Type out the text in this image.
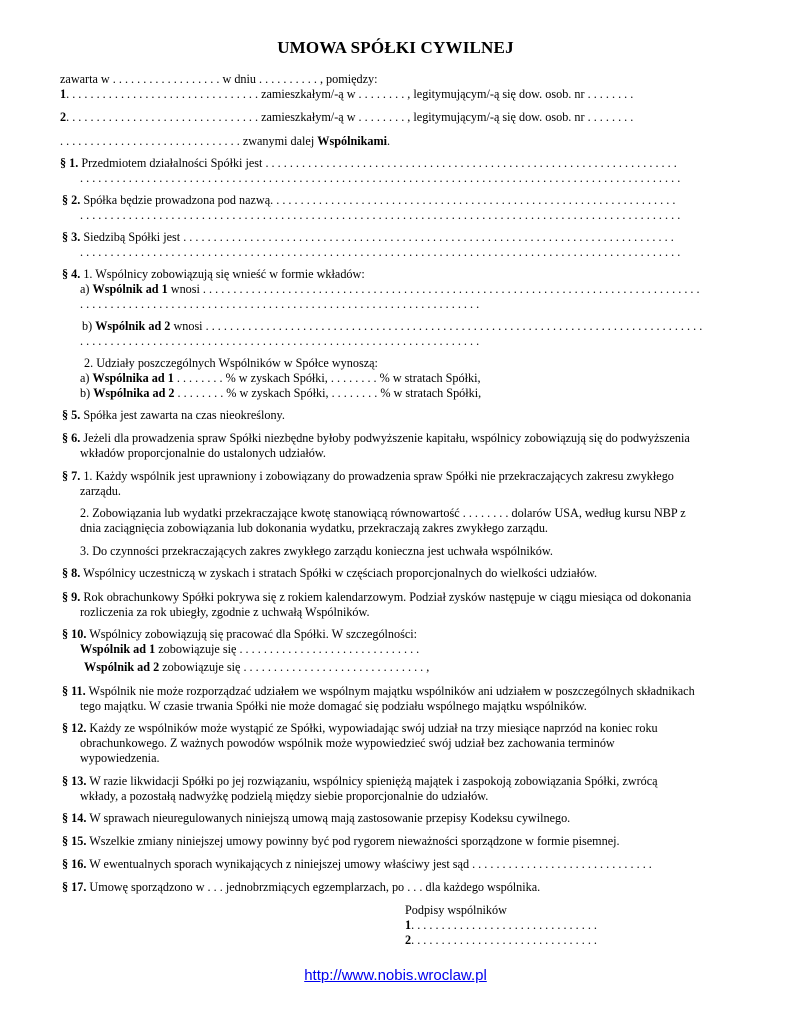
UMOWA SPÓŁKI CYWILNEJ
zawarta w . . . . . . . . . . . . . . . . . . w dniu . . . . . . . . . . , pomiędzy:
1. . . . . . . . . . . . . . . . . . . . . . . . . . . . . . . . zamieszkałym/-ą w . . . . . . . . , legitymującym/-ą się dow. osob. nr . . . . . . . .
2. . . . . . . . . . . . . . . . . . . . . . . . . . . . . . . . zamieszkałym/-ą w . . . . . . . . , legitymującym/-ą się dow. osob. nr . . . . . . . .
. . . . . . . . . . . . . . . . . . . . . . . . . . . . . . zwanymi dalej Wspólnikami.
§ 1. Przedmiotem działalności Spółki jest . . . . . . . . . . . . . . . . . . . . . . . . . . . . . . . . . . . . . . . . . . . . . . . . . . . . . . . . . . . . . . . . . . . .
. . . . . . . . . . . . . . . . . . . . . . . . . . . . . . . . . . . . . . . . . . . . . . . . . . . . . . . . . . . . . . . . . . . . . . . . . . . . . . . . . . . . . . . . . . . . . . . . . . .
§ 2. Spółka będzie prowadzona pod nazwą. . . . . . . . . . . . . . . . . . . . . . . . . . . . . . . . . . . . . . . . . . . . . . . . . . . . . . . . . . . . . . . . . . .
. . . . . . . . . . . . . . . . . . . . . . . . . . . . . . . . . . . . . . . . . . . . . . . . . . . . . . . . . . . . . . . . . . . . . . . . . . . . . . . . . . . . . . . . . . . . . . . . . . .
§ 3. Siedzibą Spółki jest . . . . . . . . . . . . . . . . . . . . . . . . . . . . . . . . . . . . . . . . . . . . . . . . . . . . . . . . . . . . . . . . . . . . . . . . . . . . . . . . .
. . . . . . . . . . . . . . . . . . . . . . . . . . . . . . . . . . . . . . . . . . . . . . . . . . . . . . . . . . . . . . . . . . . . . . . . . . . . . . . . . . . . . . . . . . . . . . . . . . .
§ 4. 1. Wspólnicy zobowiązują się wnieść w formie wkładów:
a) Wspólnik ad 1 wnosi . . . . . . . . . . . . . . . . . . . . . . . . . . . . . . . . . . . . . . . . . . . . . . . . . . . . . . . . . . . . . . . . . . . . . . . . . . . . . . . . . .
. . . . . . . . . . . . . . . . . . . . . . . . . . . . . . . . . . . . . . . . . . . . . . . . . . . . . . . . . . . . . . . . . .
b) Wspólnik ad 2 wnosi . . . . . . . . . . . . . . . . . . . . . . . . . . . . . . . . . . . . . . . . . . . . . . . . . . . . . . . . . . . . . . . . . . . . . . . . . . . . . . . . . .
. . . . . . . . . . . . . . . . . . . . . . . . . . . . . . . . . . . . . . . . . . . . . . . . . . . . . . . . . . . . . . . . . .
2. Udziały poszczególnych Wspólników w Spółce wynoszą:
a) Wspólnika ad 1 . . . . . . . . % w zyskach Spółki, . . . . . . . . % w stratach Spółki,
b) Wspólnika ad 2 . . . . . . . . % w zyskach Spółki, . . . . . . . . % w stratach Spółki,
§ 5. Spółka jest zawarta na czas nieokreślony.
§ 6. Jeżeli dla prowadzenia spraw Spółki niezbędne byłoby podwyższenie kapitału, wspólnicy zobowiązują się do podwyższenia
wkładów proporcjonalnie do ustalonych udziałów.
§ 7. 1. Każdy wspólnik jest uprawniony i zobowiązany do prowadzenia spraw Spółki nie przekraczających zakresu zwykłego
zarządu.
2. Zobowiązania lub wydatki przekraczające kwotę stanowiącą równowartość . . . . . . . . dolarów USA, według kursu NBP z
dnia zaciągnięcia zobowiązania lub dokonania wydatku, przekraczają zakres zwykłego zarządu.
3. Do czynności przekraczających zakres zwykłego zarządu konieczna jest uchwała wspólników.
§ 8. Wspólnicy uczestniczą w zyskach i stratach Spółki w częściach proporcjonalnych do wielkości udziałów.
§ 9. Rok obrachunkowy Spółki pokrywa się z rokiem kalendarzowym. Podział zysków następuje w ciągu miesiąca od dokonania
rozliczenia za rok ubiegły, zgodnie z uchwałą Wspólników.
§ 10. Wspólnicy zobowiązują się pracować dla Spółki. W szczególności:
Wspólnik ad 1 zobowiązuje się . . . . . . . . . . . . . . . . . . . . . . . . . . . . . .
Wspólnik ad 2 zobowiązuje się . . . . . . . . . . . . . . . . . . . . . . . . . . . . . . ,
§ 11. Wspólnik nie może rozporządzać udziałem we wspólnym majątku wspólników ani udziałem w poszczególnych składnikach
tego majątku. W czasie trwania Spółki nie może domagać się podziału wspólnego majątku wspólników.
§ 12. Każdy ze wspólników może wystąpić ze Spółki, wypowiadając swój udział na trzy miesiące naprzód na koniec roku
obrachunkowego. Z ważnych powodów wspólnik może wypowiedzieć swój udział bez zachowania terminów
wypowiedzenia.
§ 13. W razie likwidacji Spółki po jej rozwiązaniu, wspólnicy spieniężą majątek i zaspokoją zobowiązania Spółki, zwrócą
wkłady, a pozostałą nadwyżkę podzielą między siebie proporcjonalnie do udziałów.
§ 14. W sprawach nieuregulowanych niniejszą umową mają zastosowanie przepisy Kodeksu cywilnego.
§ 15. Wszelkie zmiany niniejszej umowy powinny być pod rygorem nieważności sporządzone w formie pisemnej.
§ 16. W ewentualnych sporach wynikających z niniejszej umowy właściwy jest sąd . . . . . . . . . . . . . . . . . . . . . . . . . . . . . .
§ 17. Umowę sporządzono w . . . jednobrzmiących egzemplarzach, po . . . dla każdego wspólnika.
Podpisy wspólników
1. . . . . . . . . . . . . . . . . . . . . . . . . . . . . . .
2. . . . . . . . . . . . . . . . . . . . . . . . . . . . . . .
http://www.nobis.wroclaw.pl
